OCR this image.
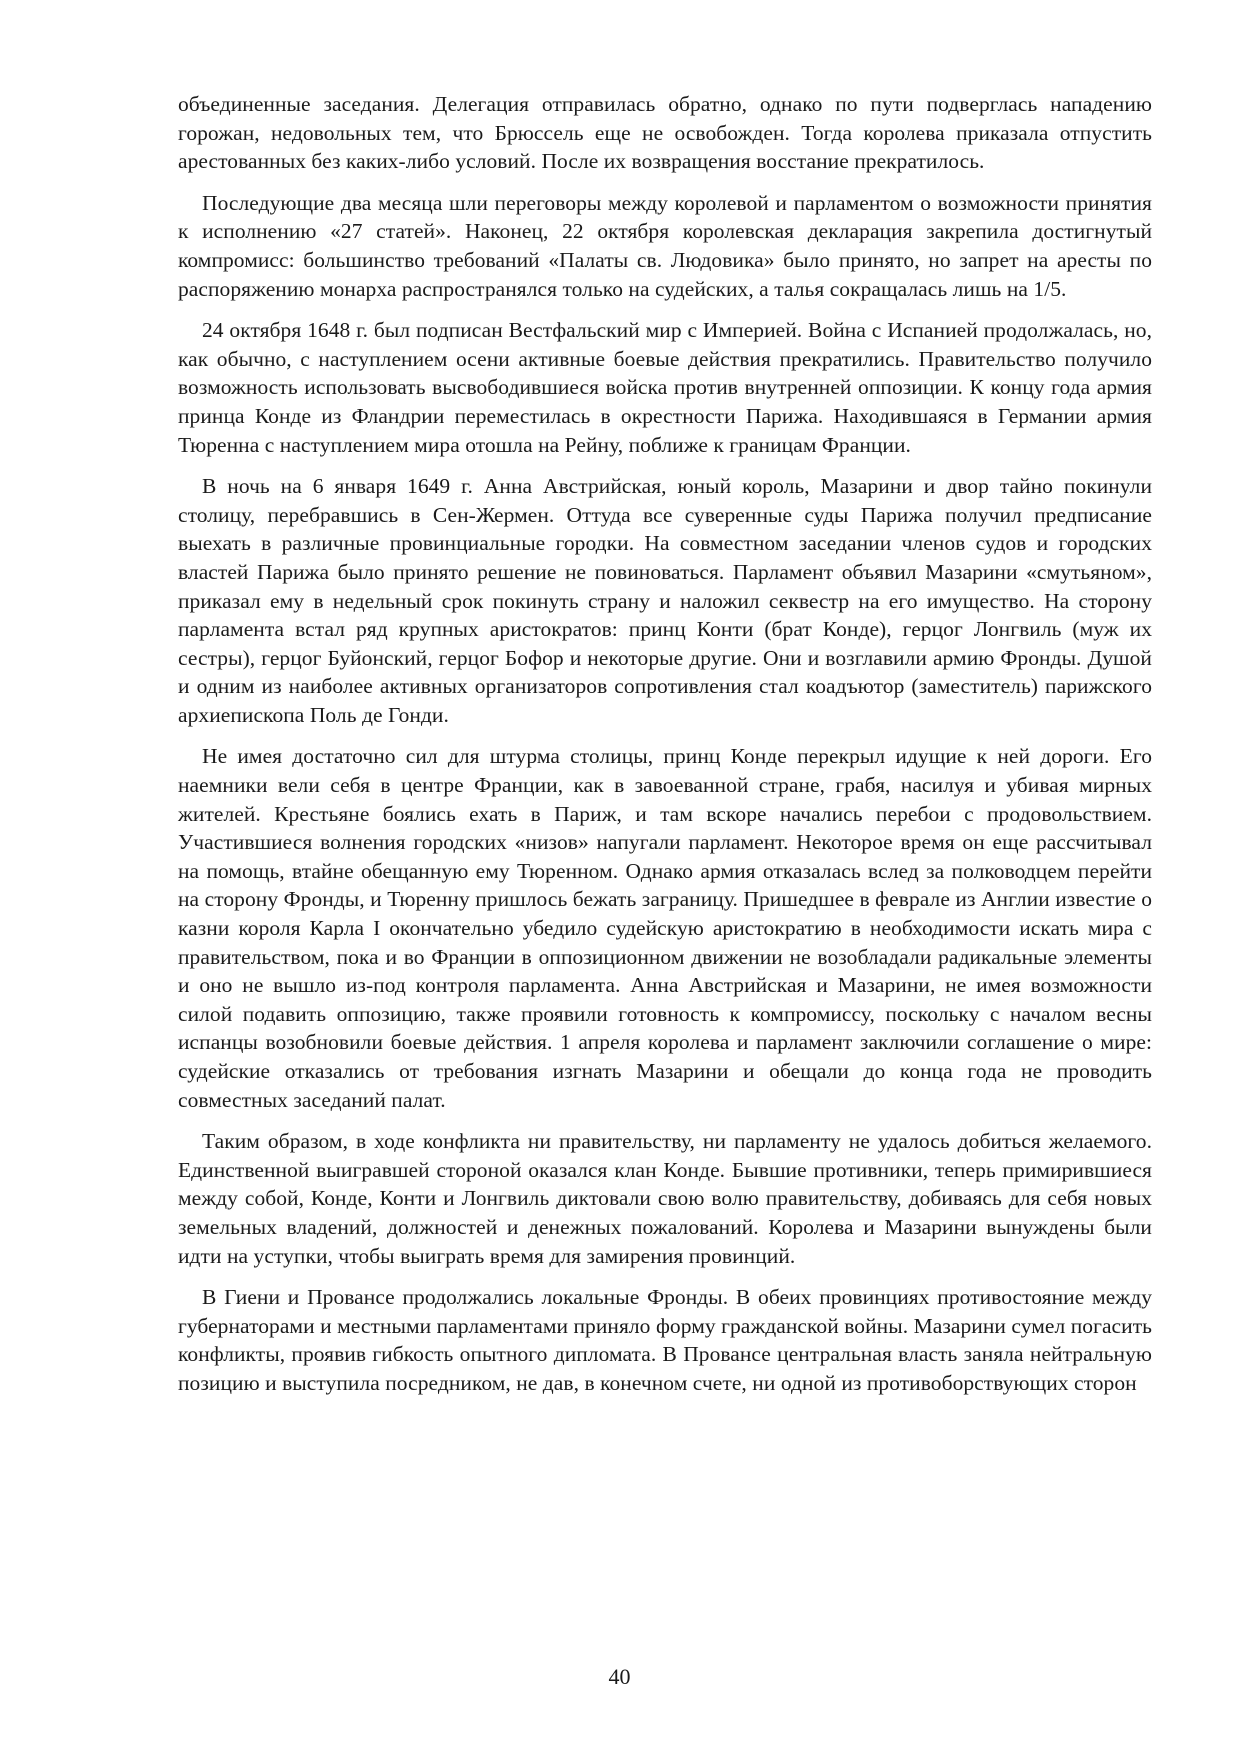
объединенные заседания. Делегация отправилась обратно, однако по пути подверглась нападению горожан, недовольных тем, что Брюссель еще не освобожден. Тогда королева приказала отпустить арестованных без каких-либо условий. После их возвращения восстание прекратилось.

Последующие два месяца шли переговоры между королевой и парламентом о возможности принятия к исполнению «27 статей». Наконец, 22 октября королевская декларация закрепила достигнутый компромисс: большинство требований «Палаты св. Людовика» было принято, но запрет на аресты по распоряжению монарха распространялся только на судейских, а талья сокращалась лишь на 1/5.

24 октября 1648 г. был подписан Вестфальский мир с Империей. Война с Испанией продолжалась, но, как обычно, с наступлением осени активные боевые действия прекратились. Правительство получило возможность использовать высвободившиеся войска против внутренней оппозиции. К концу года армия принца Конде из Фландрии переместилась в окрестности Парижа. Находившаяся в Германии армия Тюренна с наступлением мира отошла на Рейну, поближе к границам Франции.

В ночь на 6 января 1649 г. Анна Австрийская, юный король, Мазарини и двор тайно покинули столицу, перебравшись в Сен-Жермен. Оттуда все суверенные суды Парижа получил предписание выехать в различные провинциальные городки. На совместном заседании членов судов и городских властей Парижа было принято решение не повиноваться. Парламент объявил Мазарини «смутьяном», приказал ему в недельный срок покинуть страну и наложил секвестр на его имущество. На сторону парламента встал ряд крупных аристократов: принц Конти (брат Конде), герцог Лонгвиль (муж их сестры), герцог Буйонский, герцог Бофор и некоторые другие. Они и возглавили армию Фронды. Душой и одним из наиболее активных организаторов сопротивления стал коадъютор (заместитель) парижского архиепископа Поль де Гонди.

Не имея достаточно сил для штурма столицы, принц Конде перекрыл идущие к ней дороги. Его наемники вели себя в центре Франции, как в завоеванной стране, грабя, насилуя и убивая мирных жителей. Крестьяне боялись ехать в Париж, и там вскоре начались перебои с продовольствием. Участившиеся волнения городских «низов» напугали парламент. Некоторое время он еще рассчитывал на помощь, втайне обещанную ему Тюренном. Однако армия отказалась вслед за полководцем перейти на сторону Фронды, и Тюренну пришлось бежать заграницу. Пришедшее в феврале из Англии известие о казни короля Карла I окончательно убедило судейскую аристократию в необходимости искать мира с правительством, пока и во Франции в оппозиционном движении не возобладали радикальные элементы и оно не вышло из-под контроля парламента. Анна Австрийская и Мазарини, не имея возможности силой подавить оппозицию, также проявили готовность к компромиссу, поскольку с началом весны испанцы возобновили боевые действия. 1 апреля королева и парламент заключили соглашение о мире: судейские отказались от требования изгнать Мазарини и обещали до конца года не проводить совместных заседаний палат.

Таким образом, в ходе конфликта ни правительству, ни парламенту не удалось добиться желаемого. Единственной выигравшей стороной оказался клан Конде. Бывшие противники, теперь примирившиеся между собой, Конде, Конти и Лонгвиль диктовали свою волю правительству, добиваясь для себя новых земельных владений, должностей и денежных пожалований. Королева и Мазарини вынуждены были идти на уступки, чтобы выиграть время для замирения провинций.

В Гиени и Провансе продолжались локальные Фронды. В обеих провинциях противостояние между губернаторами и местными парламентами приняло форму гражданской войны. Мазарини сумел погасить конфликты, проявив гибкость опытного дипломата. В Провансе центральная власть заняла нейтральную позицию и выступила посредником, не дав, в конечном счете, ни одной из противоборствующих сторон

40
